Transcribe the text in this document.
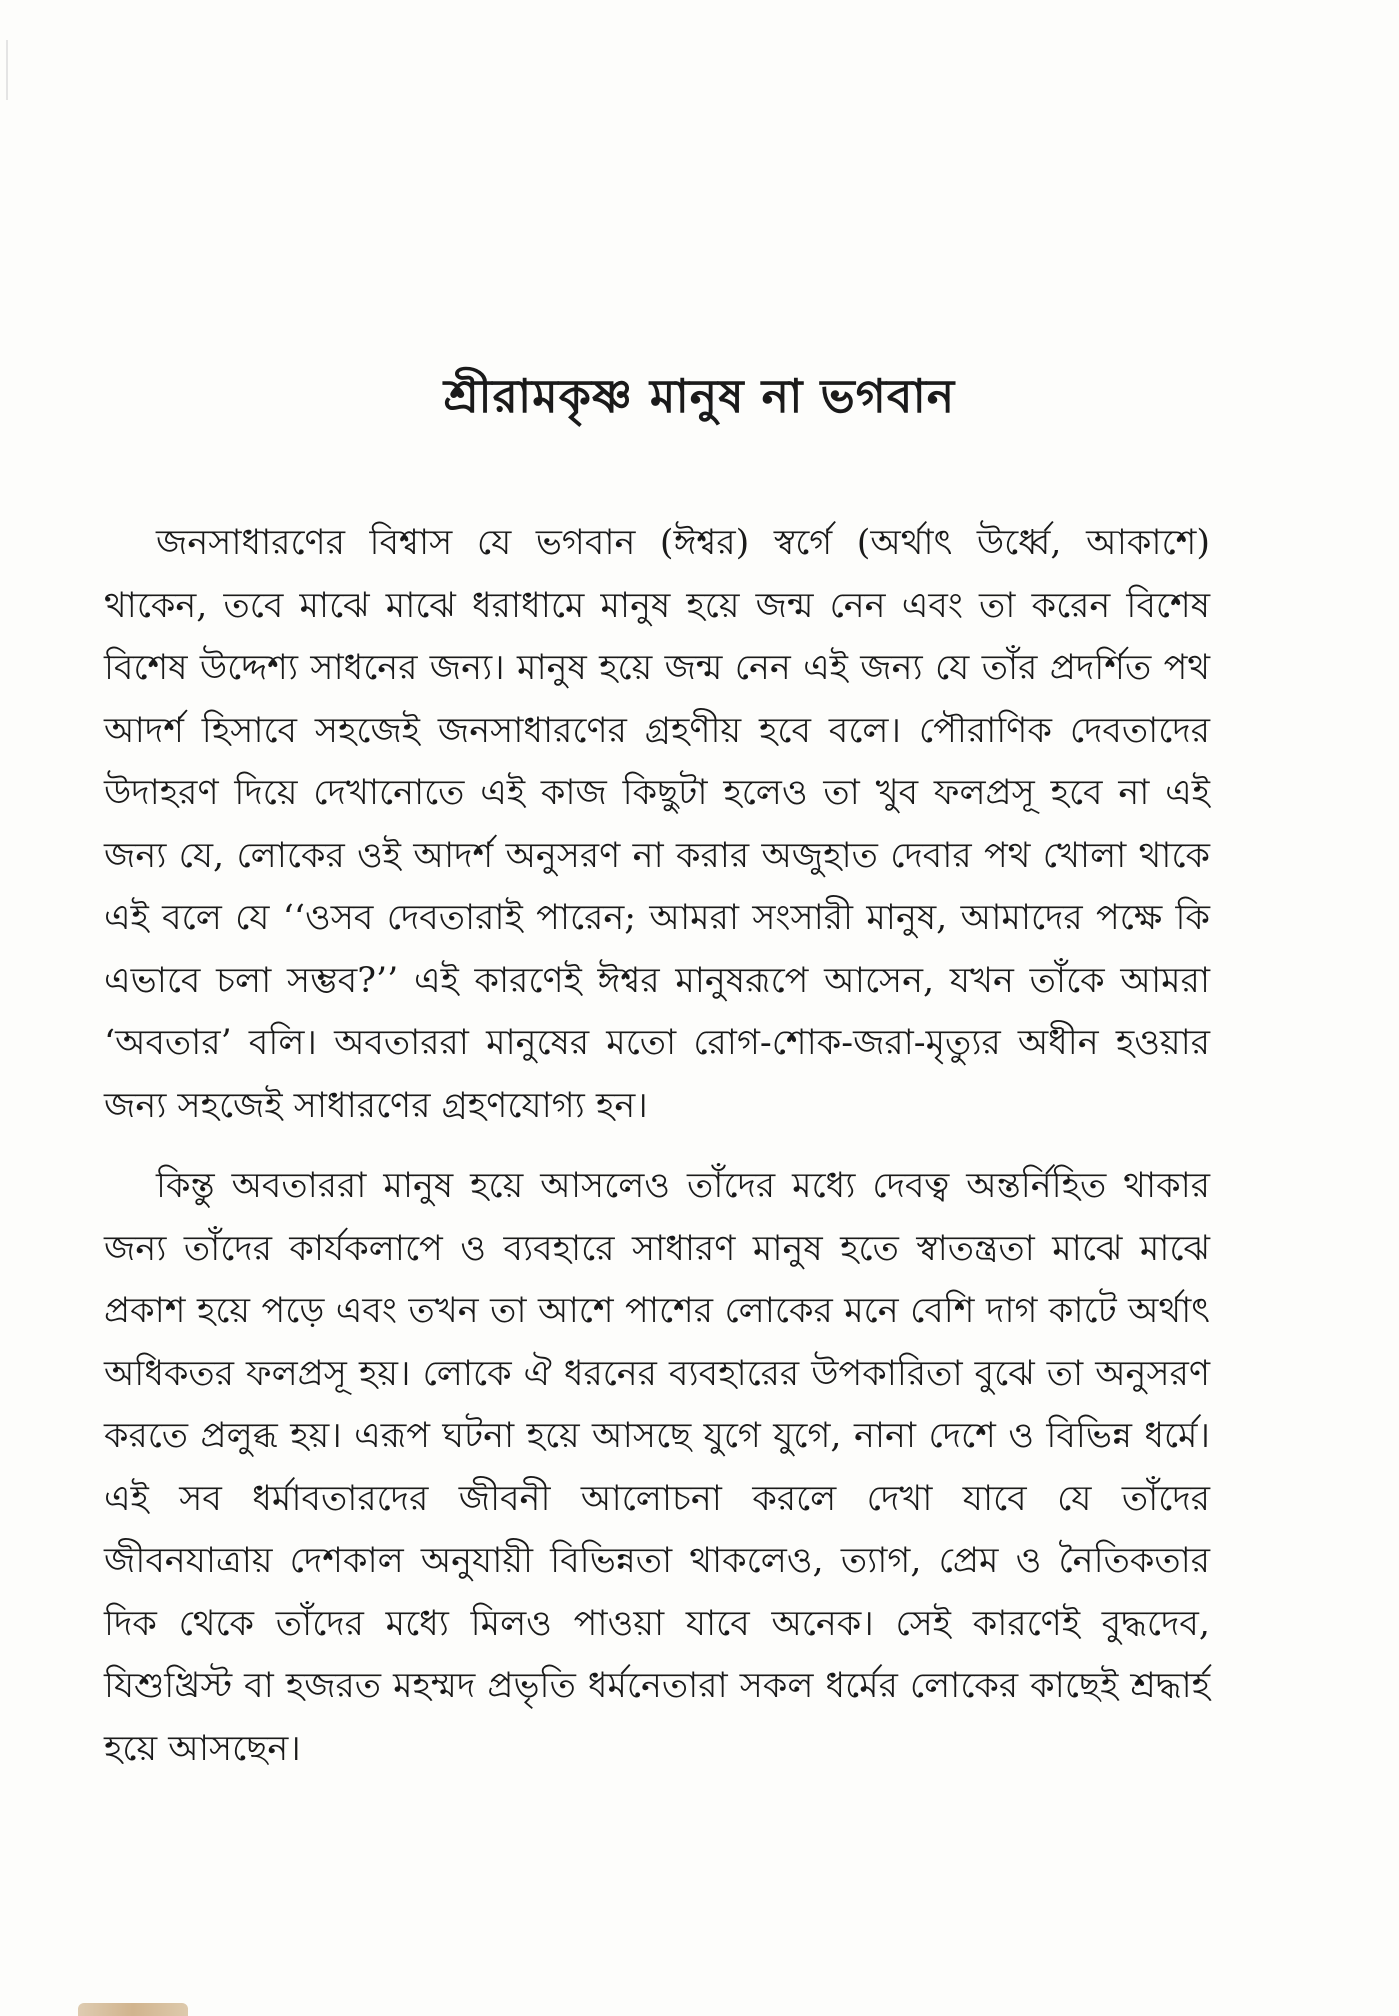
শ্রীরামকৃষ্ণ মানুষ না ভগবান

জনসাধারণের বিশ্বাস যে ভগবান (ঈশ্বর) স্বর্গে (অর্থাৎ উর্ধ্বে, আকাশে) থাকেন, তবে মাঝে মাঝে ধরাধামে মানুষ হয়ে জন্ম নেন এবং তা করেন বিশেষ বিশেষ উদ্দেশ্য সাধনের জন্য। মানুষ হয়ে জন্ম নেন এই জন্য যে তাঁর প্রদর্শিত পথ আদর্শ হিসাবে সহজেই জনসাধারণের গ্রহণীয় হবে বলে। পৌরাণিক দেবতাদের উদাহরণ দিয়ে দেখানোতে এই কাজ কিছুটা হলেও তা খুব ফলপ্রসূ হবে না এই জন্য যে, লোকের ওই আদর্শ অনুসরণ না করার অজুহাত দেবার পথ খোলা থাকে এই বলে যে ‘‘ওসব দেবতারাই পারেন; আমরা সংসারী মানুষ, আমাদের পক্ষে কি এভাবে চলা সম্ভব?’’ এই কারণেই ঈশ্বর মানুষরূপে আসেন, যখন তাঁকে আমরা ‘অবতার’ বলি। অবতাররা মানুষের মতো রোগ-শোক-জরা-মৃত্যুর অধীন হওয়ার জন্য সহজেই সাধারণের গ্রহণযোগ্য হন।

কিন্তু অবতাররা মানুষ হয়ে আসলেও তাঁদের মধ্যে দেবত্ব অন্তর্নিহিত থাকার জন্য তাঁদের কার্যকলাপে ও ব্যবহারে সাধারণ মানুষ হতে স্বাতন্ত্রতা মাঝে মাঝে প্রকাশ হয়ে পড়ে এবং তখন তা আশে পাশের লোকের মনে বেশি দাগ কাটে অর্থাৎ অধিকতর ফলপ্রসূ হয়। লোকে ঐ ধরনের ব্যবহারের উপকারিতা বুঝে তা অনুসরণ করতে প্রলুব্ধ হয়। এরূপ ঘটনা হয়ে আসছে যুগে যুগে, নানা দেশে ও বিভিন্ন ধর্মে। এই সব ধর্মাবতারদের জীবনী আলোচনা করলে দেখা যাবে যে তাঁদের জীবনযাত্রায় দেশকাল অনুযায়ী বিভিন্নতা থাকলেও, ত্যাগ, প্রেম ও নৈতিকতার দিক থেকে তাঁদের মধ্যে মিলও পাওয়া যাবে অনেক। সেই কারণেই বুদ্ধদেব, যিশুখ্রিস্ট বা হজরত মহম্মদ প্রভৃতি ধর্মনেতারা সকল ধর্মের লোকের কাছেই শ্রদ্ধার্হ হয়ে আসছেন।
